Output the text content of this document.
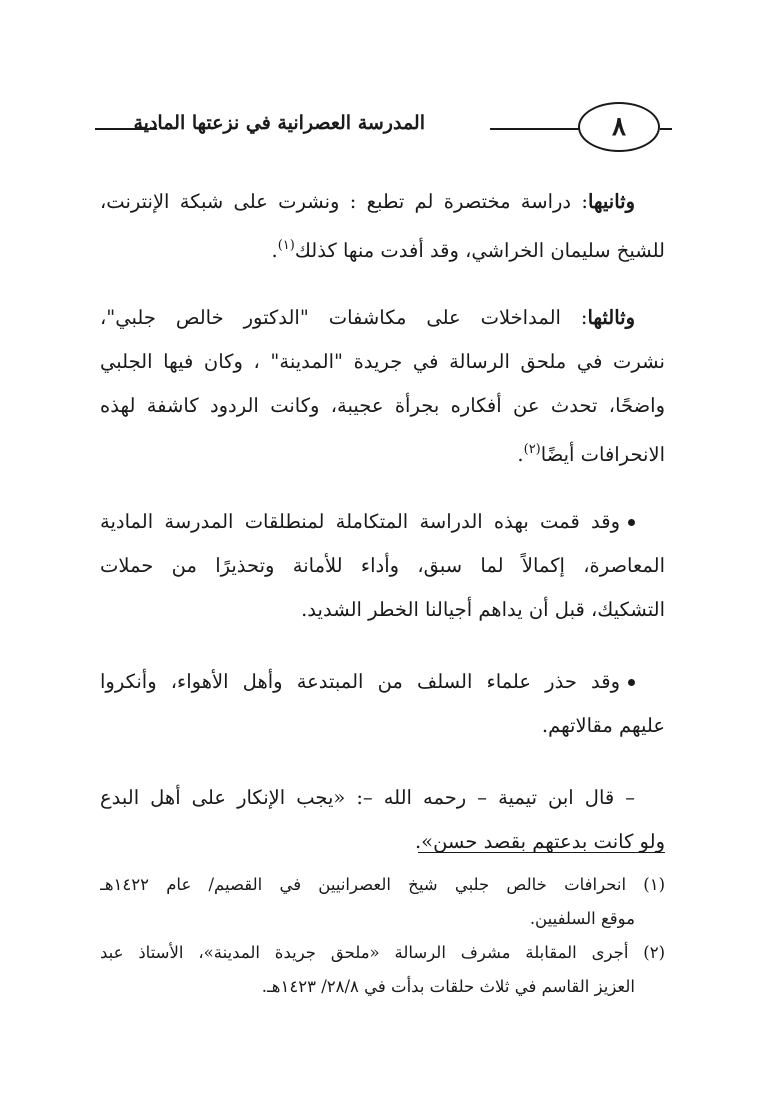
المدرسة العصرانية في نزعتها المادية	٨

وثانيها: دراسة مختصرة لم تطبع : ونشرت على شبكة الإنترنت،
للشيخ سليمان الخراشي، وقد أفدت منها كذلك$^{(١)}$.

وثالثها: المداخلات على مكاشفات "الدكتور خالص جلبي"،
نشرت في ملحق الرسالة في جريدة "المدينة" ، وكان فيها الجلبي
واضحًا، تحدث عن أفكاره بجرأة عجيبة، وكانت الردود كاشفة لهذه
الانحرافات أيضًا$^{(٢)}$.

وقد قمت بهذه الدراسة المتكاملة لمنطلقات المدرسة المادية
المعاصرة، إكمالاً لما سبق، وأداء للأمانة وتحذيرًا من حملات
التشكيك، قبل أن يداهم أجيالنا الخطر الشديد.

وقد حذر علماء السلف من المبتدعة وأهل الأهواء، وأنكروا
عليهم مقالاتهم.

– قال ابن تيمية – رحمه الله –: «يجب الإنكار على أهل البدع
ولو كانت بدعتهم بقصد حسن».

(١) انحرافات خالص جلبي شيخ العصرانيين في القصيم/ عام ١٤٢٢هـ
موقع السلفيين.
(٢) أجرى المقابلة مشرف الرسالة «ملحق جريدة المدينة»، الأستاذ عبد
العزيز القاسم في ثلاث حلقات بدأت في ٢٨/٨/ ١٤٢٣هـ.
